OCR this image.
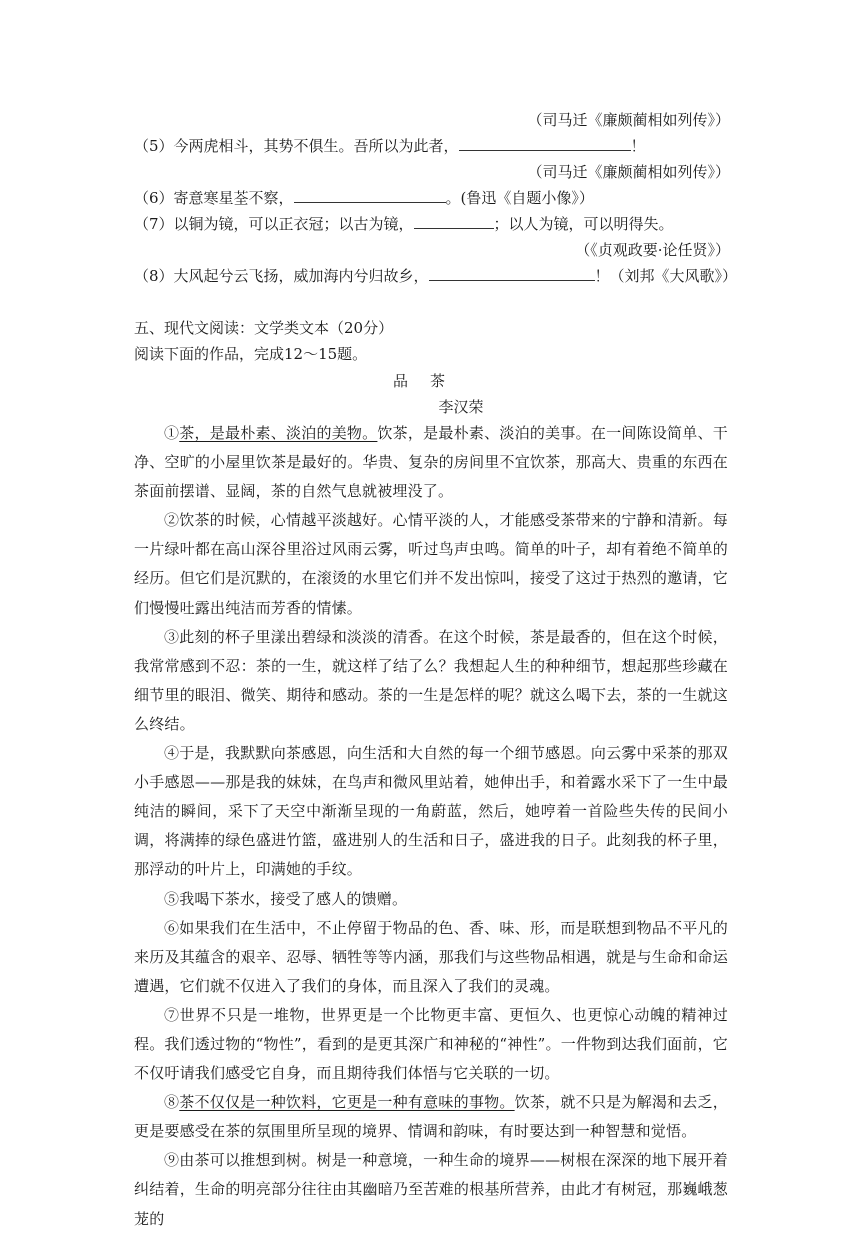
（司马迁《廉颇蔺相如列传》）
（5）今两虎相斗，其势不俱生。吾所以为此者，	！
（司马迁《廉颇蔺相如列传》）
（6）寄意寒星荃不察，	。(鲁迅《自题小像》）
（7）以铜为镜，可以正衣冠；以古为镜，	；以人为镜，可以明得失。
（《贞观政要·论任贤》）
（8）大风起兮云飞扬，威加海内兮归故乡，	！（刘邦《大风歌》）
五、现代文阅读：文学类文本（20分）
阅读下面的作品，完成12～15题。
品茶
李汉荣

①茶，是最朴素、淡泊的美物。饮茶，是最朴素、淡泊的美事。在一间陈设简单、干净、空旷的小屋里饮茶是最好的。华贵、复杂的房间里不宜饮茶，那高大、贵重的东西在茶面前摆谱、显阔，茶的自然气息就被埋没了。

②饮茶的时候，心情越平淡越好。心情平淡的人，才能感受茶带来的宁静和清新。每一片绿叶都在高山深谷里浴过风雨云雾，听过鸟声虫鸣。简单的叶子，却有着绝不简单的经历。但它们是沉默的，在滚烫的水里它们并不发出惊叫，接受了这过于热烈的邀请，它们慢慢吐露出纯洁而芳香的情愫。

③此刻的杯子里漾出碧绿和淡淡的清香。在这个时候，茶是最香的，但在这个时候，我常常感到不忍：茶的一生，就这样了结了么？我想起人生的种种细节，想起那些珍藏在细节里的眼泪、微笑、期待和感动。茶的一生是怎样的呢？就这么喝下去，茶的一生就这么终结。

④于是，我默默向茶感恩，向生活和大自然的每一个细节感恩。向云雾中采茶的那双小手感恩——那是我的妹妹，在鸟声和微风里站着，她伸出手，和着露水采下了一生中最纯洁的瞬间，采下了天空中渐渐呈现的一角蔚蓝，然后，她哼着一首险些失传的民间小调，将满捧的绿色盛进竹篮，盛进别人的生活和日子，盛进我的日子。此刻我的杯子里，那浮动的叶片上，印满她的手纹。

⑤我喝下茶水，接受了感人的馈赠。

⑥如果我们在生活中，不止停留于物品的色、香、味、形，而是联想到物品不平凡的来历及其蕴含的艰辛、忍辱、牺牲等等内涵，那我们与这些物品相遇，就是与生命和命运遭遇，它们就不仅进入了我们的身体，而且深入了我们的灵魂。

⑦世界不只是一堆物，世界更是一个比物更丰富、更恒久、也更惊心动魄的精神过程。我们透过物的“物性”，看到的是更其深广和神秘的“神性”。一件物到达我们面前，它不仅吁请我们感受它自身，而且期待我们体悟与它关联的一切。

⑧茶不仅仅是一种饮料，它更是一种有意味的事物。饮茶，就不只是为解渴和去乏，更是要感受在茶的氛围里所呈现的境界、情调和韵味，有时要达到一种智慧和觉悟。

⑨由茶可以推想到树。树是一种意境，一种生命的境界——树根在深深的地下展开着纠结着，生命的明亮部分往往由其幽暗乃至苦难的根基所营养，由此才有树冠，那巍峨葱茏的
